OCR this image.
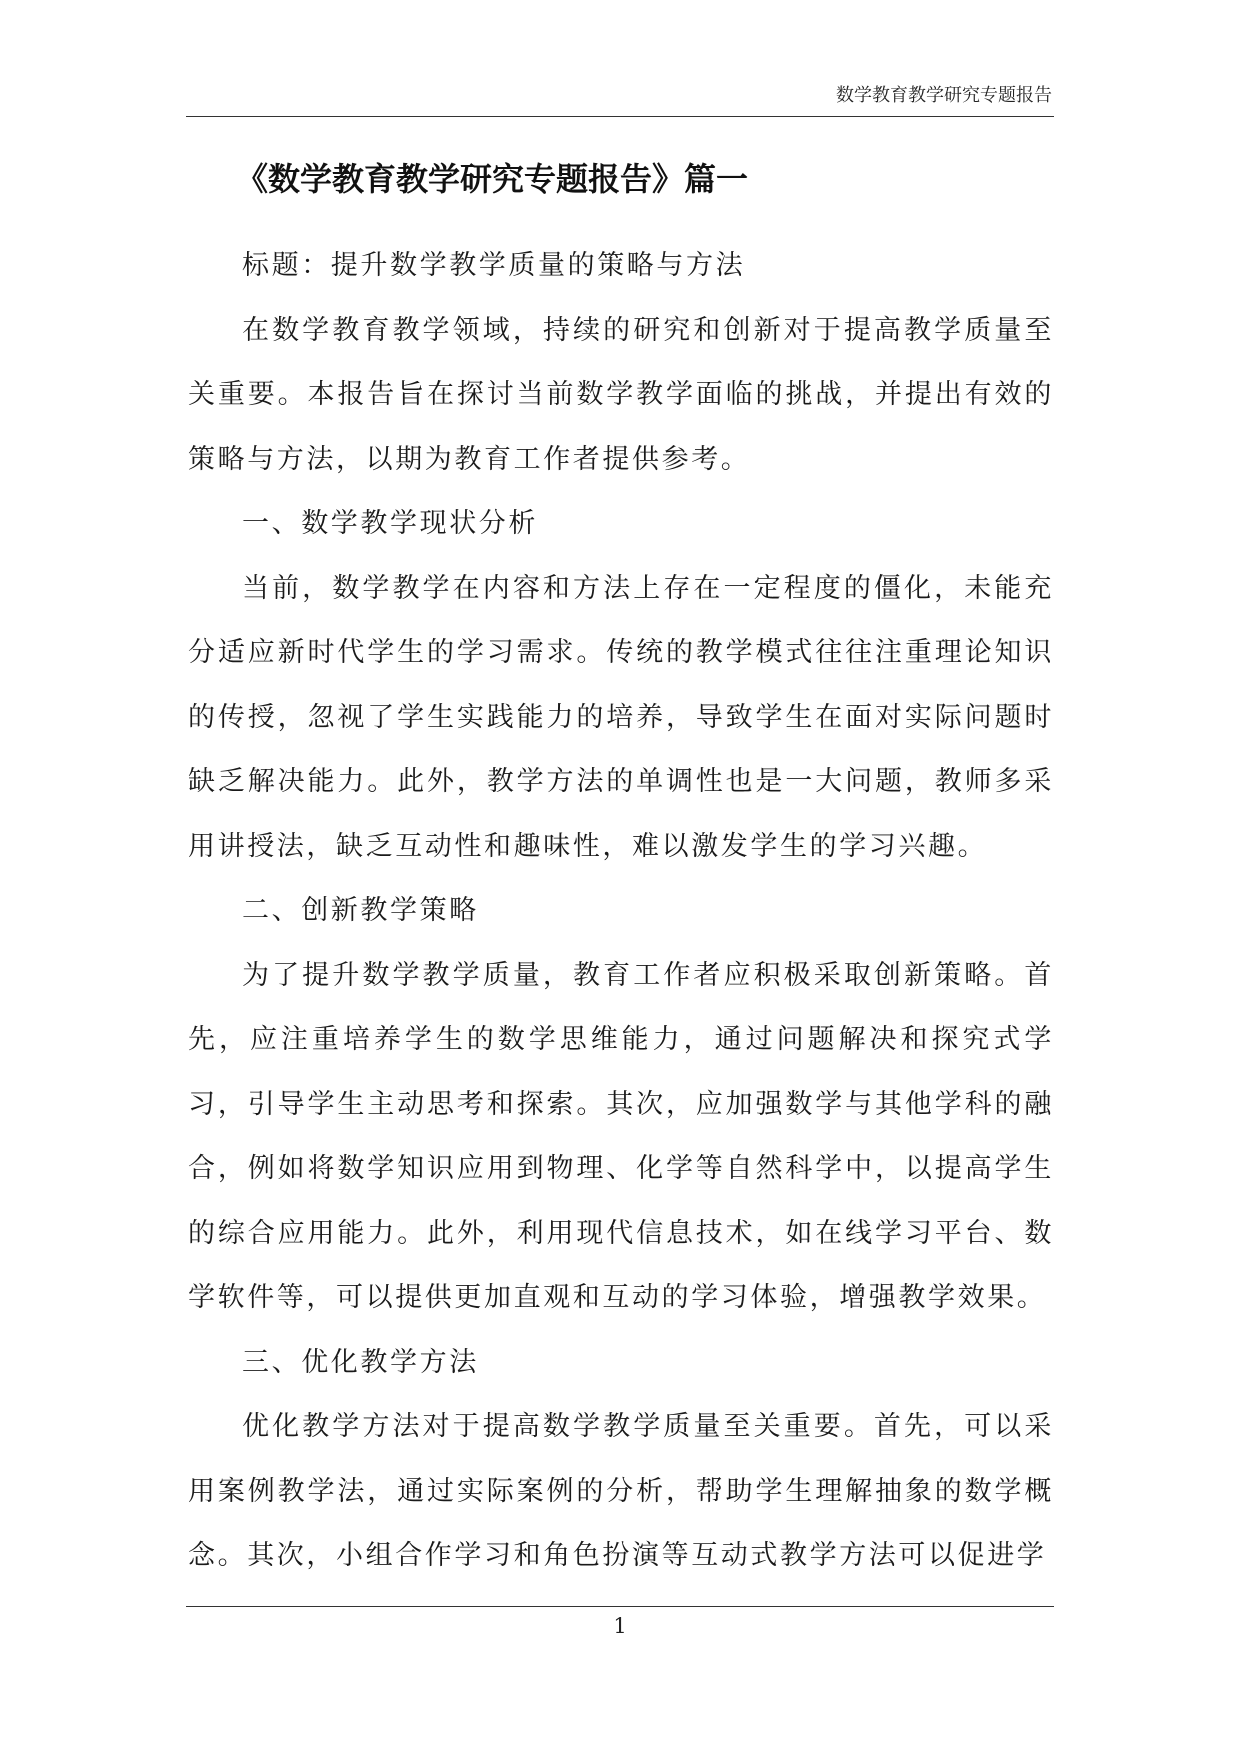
数学教育教学研究专题报告
《数学教育教学研究专题报告》篇一

标题：提升数学教学质量的策略与方法

在数学教育教学领域，持续的研究和创新对于提高教学质量至关重要。本报告旨在探讨当前数学教学面临的挑战，并提出有效的策略与方法，以期为教育工作者提供参考。

一、数学教学现状分析

当前，数学教学在内容和方法上存在一定程度的僵化，未能充分适应新时代学生的学习需求。传统的教学模式往往注重理论知识的传授，忽视了学生实践能力的培养，导致学生在面对实际问题时缺乏解决能力。此外，教学方法的单调性也是一大问题，教师多采用讲授法，缺乏互动性和趣味性，难以激发学生的学习兴趣。

二、创新教学策略

为了提升数学教学质量，教育工作者应积极采取创新策略。首先，应注重培养学生的数学思维能力，通过问题解决和探究式学习，引导学生主动思考和探索。其次，应加强数学与其他学科的融合，例如将数学知识应用到物理、化学等自然科学中，以提高学生的综合应用能力。此外，利用现代信息技术，如在线学习平台、数学软件等，可以提供更加直观和互动的学习体验，增强教学效果。

三、优化教学方法

优化教学方法对于提高数学教学质量至关重要。首先，可以采用案例教学法，通过实际案例的分析，帮助学生理解抽象的数学概念。其次，小组合作学习和角色扮演等互动式教学方法可以促进学

1
